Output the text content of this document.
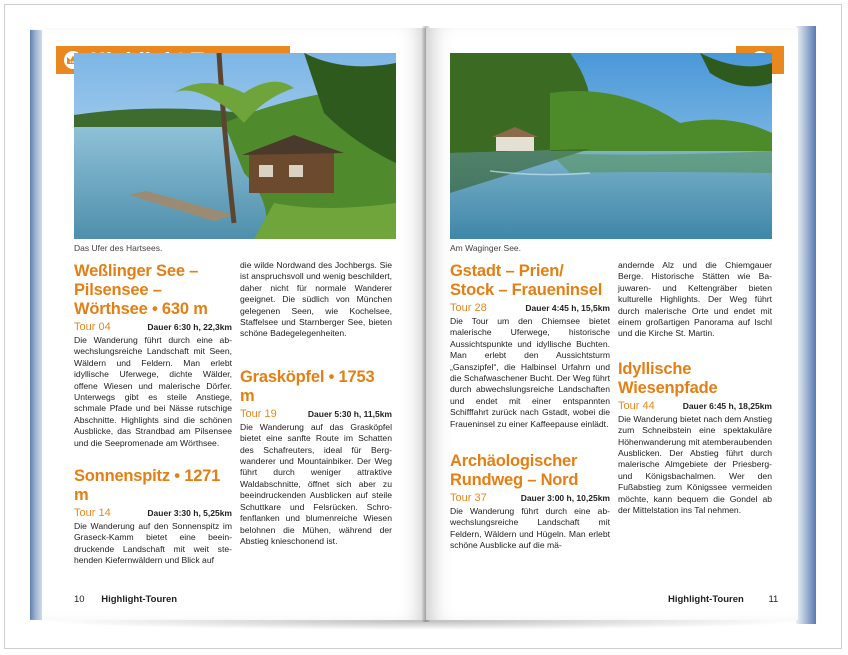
Das Ufer des Hartsees.

Weßlinger See –

Pilsensee –

Wörthsee • 630 m

Tour 04	Dauer 6:30 h, 22,3km

Die Wanderung führt durch eine abwechslungsreiche Landschaft mit Seen, Wäldern und Feldern. Man erlebt idyllische Uferwege, dichte Wälder, offene Wiesen und malerische Dörfer. Unterwegs gibt es steile Anstiege, schmale Pfade und bei Nässe rutschige Abschnitte. Highlights sind die schönen Ausblicke, das Strandbad am Pilsensee und die Seepromenade am Wörthsee.

Sonnenspitz • 1271 m

Tour 14	Dauer 3:30 h, 5,25km

Die Wanderung auf den Sonnenspitz im Graseck-Kamm bietet eine beeindruckende Landschaft mit weit stehenden Kiefernwäldern und Blick auf

die wilde Nordwand des Jochbergs. Sie ist anspruchsvoll und wenig beschildert, daher nicht für normale Wanderer geeignet. Die südlich von München gelegenen Seen, wie Kochelsee, Staffelsee und Starnberger See, bieten schöne Badegelegenheiten.

Grasköpfel • 1753 m

Tour 19	Dauer 5:30 h, 11,5km

Die Wanderung auf das Grasköpfel bietet eine sanfte Route im Schatten des Schafreuters, ideal für Bergwanderer und Mountainbiker. Der Weg führt durch weniger attraktive Waldabschnitte, öffnet sich aber zu beeindruckenden Ausblicken auf steile Schuttkare und Felsrücken. Schrofenflanken und blumenreiche Wiesen belohnen die Mühen, während der Abstieg knieschonend ist.

10 Highlight-Touren
Am Waginger See.

Gstadt – Prien/

Stock – Fraueninsel

Tour 28	Dauer 4:45 h, 15,5km

Die Tour um den Chiemsee bietet malerische Uferwege, historische Aussichtspunkte und idyllische Buchten. Man erlebt den Aussichtsturm „Ganszipfel“, die Halbinsel Urfahrn und die Schafwaschener Bucht. Der Weg führt durch abwechslungsreiche Landschaften und endet mit einer entspannten Schifffahrt zurück nach Gstadt, wobei die Fraueninsel zu einer Kaffeepause einlädt.

Archäologischer

Rundweg – Nord

Tour 37	Dauer 3:00 h, 10,25km

Die Wanderung führt durch eine abwechslungsreiche Landschaft mit Feldern, Wäldern und Hügeln. Man erlebt schöne Ausblicke auf die mä-

andernde Alz und die Chiemgauer Berge. Historische Stätten wie Bajuwaren- und Keltengräber bieten kulturelle Highlights. Der Weg führt durch malerische Orte und endet mit einem großartigen Panorama auf Ischl und die Kirche St. Martin.

Idyllische

Wiesenpfade

Tour 44	Dauer 6:45 h, 18,25km

Die Wanderung bietet nach dem Anstieg zum Schneibstein eine spektakuläre Höhenwanderung mit atemberaubenden Ausblicken. Der Abstieg führt durch malerische Almgebiete der Priesberg- und Königsbachalmen. Wer den Fußabstieg zum Königssee vermeiden möchte, kann bequem die Gondel ab der Mittelstation ins Tal nehmen.

Highlight-Touren	11
